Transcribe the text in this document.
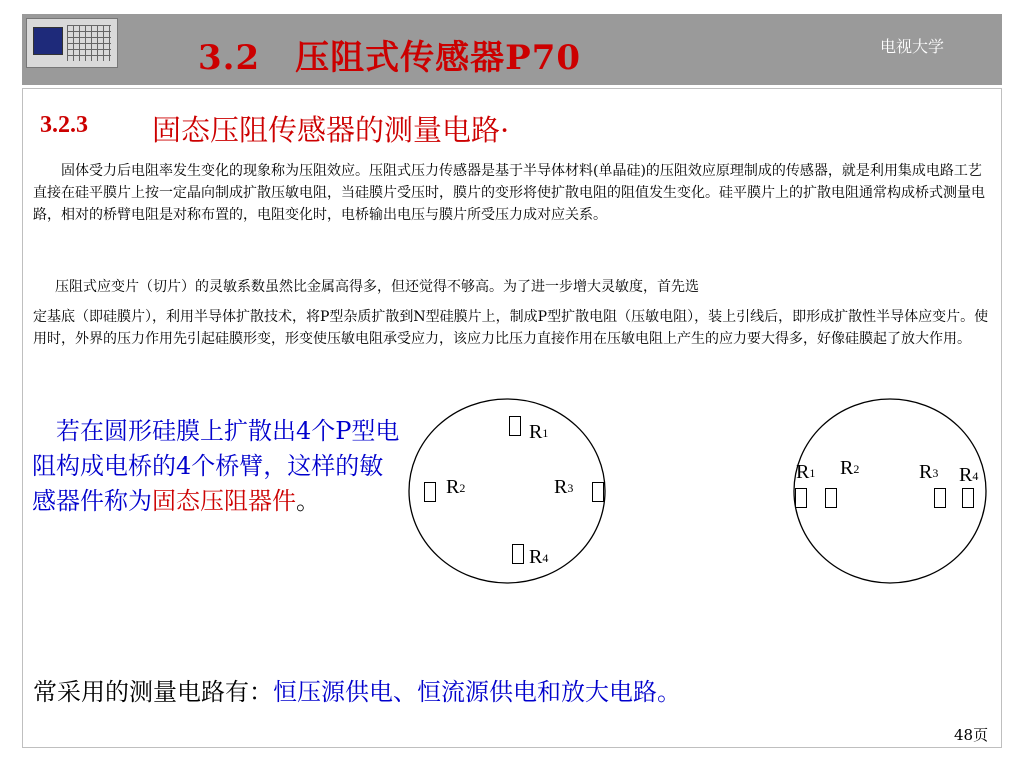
3.2　压阻式传感器P70	电视大学
3.2.3 固态压阻传感器的测量电路·
　　固体受力后电阻率发生变化的现象称为压阻效应。压阻式压力传感器是基于半导体材料(单晶硅)的压阻效应原理制成的传感器，就是利用集成电路工艺直接在硅平膜片上按一定晶向制成扩散压敏电阻，当硅膜片受压时，膜片的变形将使扩散电阻的阻值发生变化。硅平膜片上的扩散电阻通常构成桥式测量电路，相对的桥臂电阻是对称布置的，电阻变化时，电桥输出电压与膜片所受压力成对应关系。
压阻式应变片（切片）的灵敏系数虽然比金属高得多，但还觉得不够高。为了进一步增大灵敏度，首先选
定基底（即硅膜片），利用半导体扩散技术，将P型杂质扩散到N型硅膜片上，制成P型扩散电阻（压敏电阻），装上引线后，即形成扩散性半导体应变片。使用时，外界的压力作用先引起硅膜形变，形变使压敏电阻承受应力，该应力比压力直接作用在压敏电阻上产生的应力要大得多，好像硅膜起了放大作用。
若在圆形硅膜上扩散出4个P型电阻构成电桥的4个桥臂，这样的敏感器件称为固态压阻器件。
$R_1$
$R_2$	$R_3$
$R_4$
$R_1$ $R_2$	$R_3$ $R_4$
常采用的测量电路有：恒压源供电、恒流源供电和放大电路。
48页
